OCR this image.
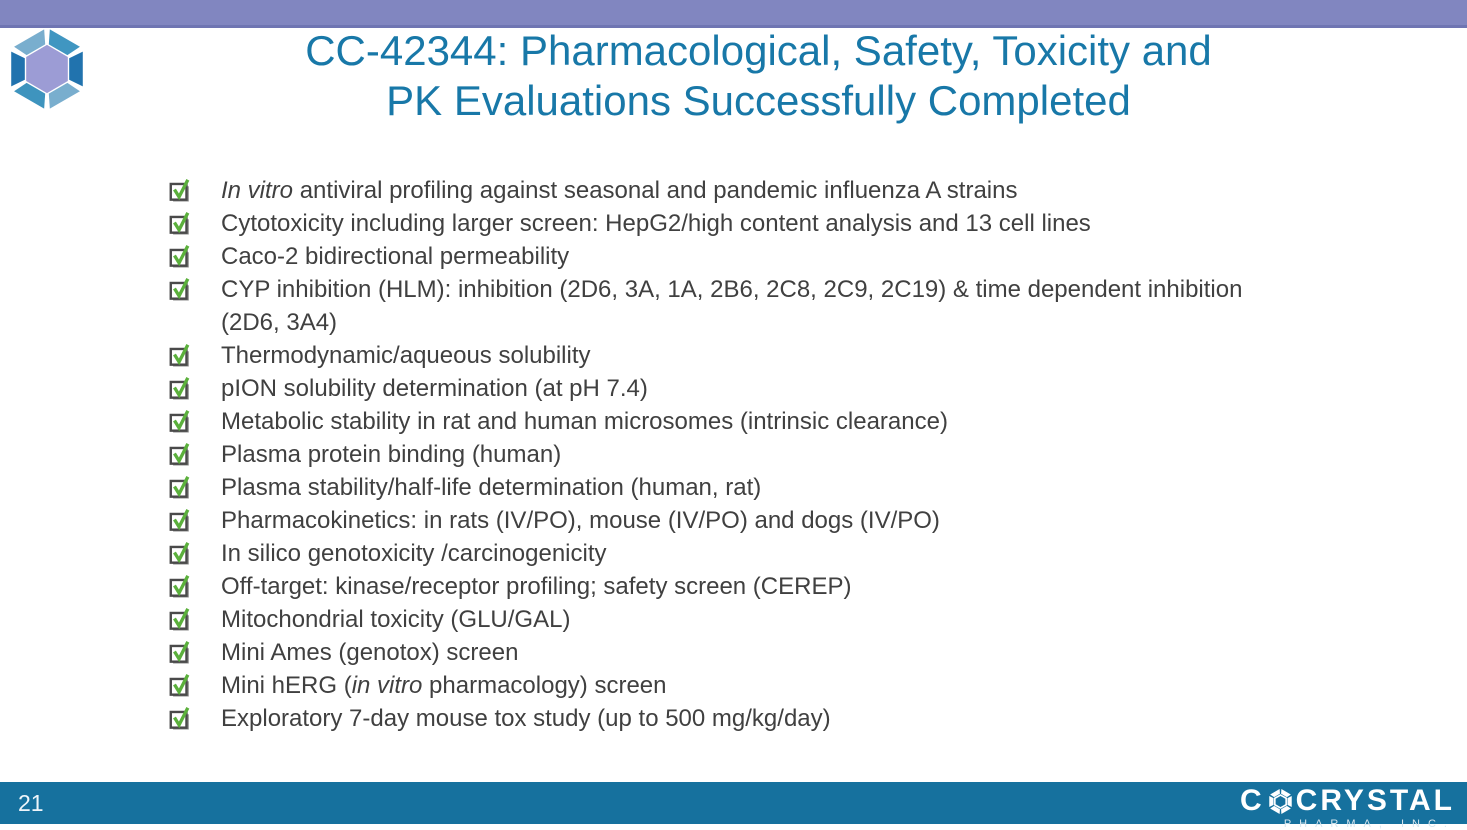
CC-42344: Pharmacological, Safety, Toxicity and
PK Evaluations Successfully Completed
In vitro antiviral profiling against seasonal and pandemic influenza A strains
Cytotoxicity including larger screen: HepG2/high content analysis and 13 cell lines
Caco-2 bidirectional permeability
CYP inhibition (HLM): inhibition (2D6, 3A, 1A, 2B6, 2C8, 2C9, 2C19) & time dependent inhibition (2D6, 3A4)
Thermodynamic/aqueous solubility
pION solubility determination (at pH 7.4)
Metabolic stability in rat and human microsomes (intrinsic clearance)
Plasma protein binding (human)
Plasma stability/half-life determination (human, rat)
Pharmacokinetics: in rats (IV/PO), mouse (IV/PO) and dogs (IV/PO)
In silico genotoxicity /carcinogenicity
Off-target: kinase/receptor profiling; safety screen (CEREP)
Mitochondrial toxicity (GLU/GAL)
Mini Ames (genotox) screen
Mini hERG (in vitro pharmacology) screen
Exploratory 7-day mouse tox study (up to 500 mg/kg/day)
21	C CRYSTAL
PHARMA, INC.
